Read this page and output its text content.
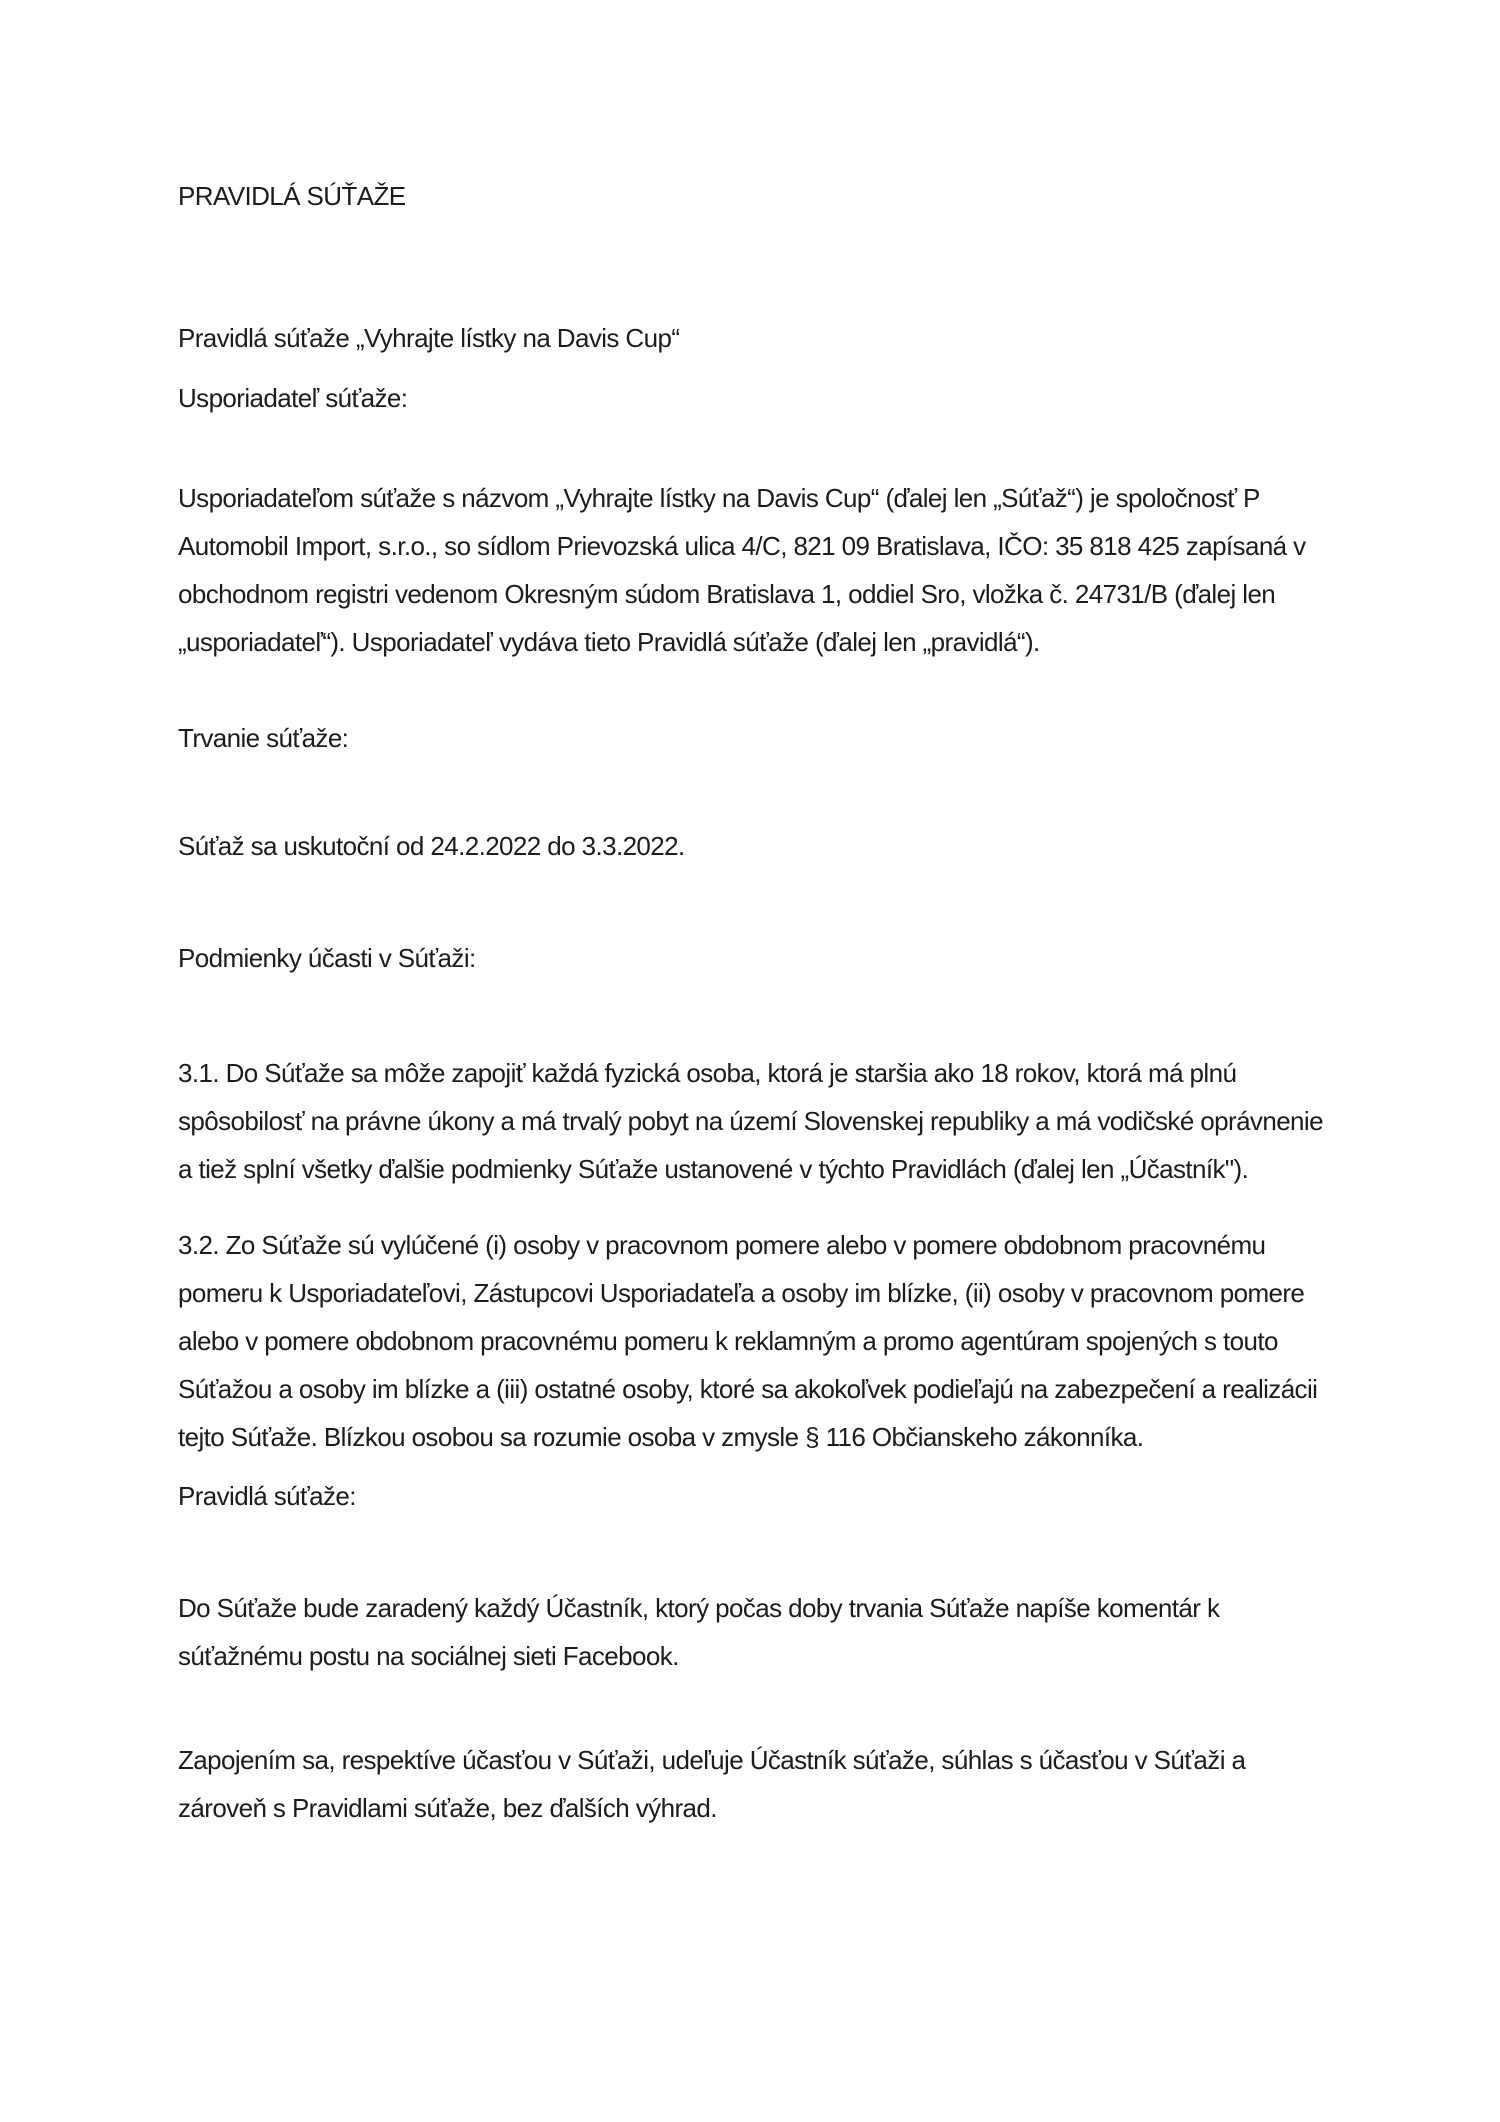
PRAVIDLÁ SÚŤAŽE

Pravidlá súťaže „Vyhrajte lístky na Davis Cup“

Usporiadateľ súťaže:

Usporiadateľom súťaže s názvom „Vyhrajte lístky na Davis Cup“ (ďalej len „Súťaž“) je spoločnosť P Automobil Import, s.r.o., so sídlom Prievozská ulica 4/C, 821 09 Bratislava, IČO: 35 818 425 zapísaná v obchodnom registri vedenom Okresným súdom Bratislava 1, oddiel Sro, vložka č. 24731/B (ďalej len „usporiadateľ“). Usporiadateľ vydáva tieto Pravidlá súťaže (ďalej len „pravidlá“).

Trvanie súťaže:

Súťaž sa uskutoční od 24.2.2022 do 3.3.2022.

Podmienky účasti v Súťaži:

3.1. Do Súťaže sa môže zapojiť každá fyzická osoba, ktorá je staršia ako 18 rokov, ktorá má plnú spôsobilosť na právne úkony a má trvalý pobyt na území Slovenskej republiky a má vodičské oprávnenie a tiež splní všetky ďalšie podmienky Súťaže ustanovené v týchto Pravidlách (ďalej len „Účastník").

3.2. Zo Súťaže sú vylúčené (i) osoby v pracovnom pomere alebo v pomere obdobnom pracovnému pomeru k Usporiadateľovi, Zástupcovi Usporiadateľa a osoby im blízke, (ii) osoby v pracovnom pomere alebo v pomere obdobnom pracovnému pomeru k reklamným a promo agentúram spojených s touto Súťažou a osoby im blízke a (iii) ostatné osoby, ktoré sa akokoľvek podieľajú na zabezpečení a realizácii tejto Súťaže. Blízkou osobou sa rozumie osoba v zmysle § 116 Občianskeho zákonníka.

Pravidlá súťaže:

Do Súťaže bude zaradený každý Účastník, ktorý počas doby trvania Súťaže napíše komentár k súťažnému postu na sociálnej sieti Facebook.

Zapojením sa, respektíve účasťou v Súťaži, udeľuje Účastník súťaže, súhlas s účasťou v Súťaži a zároveň s Pravidlami súťaže, bez ďalších výhrad.
